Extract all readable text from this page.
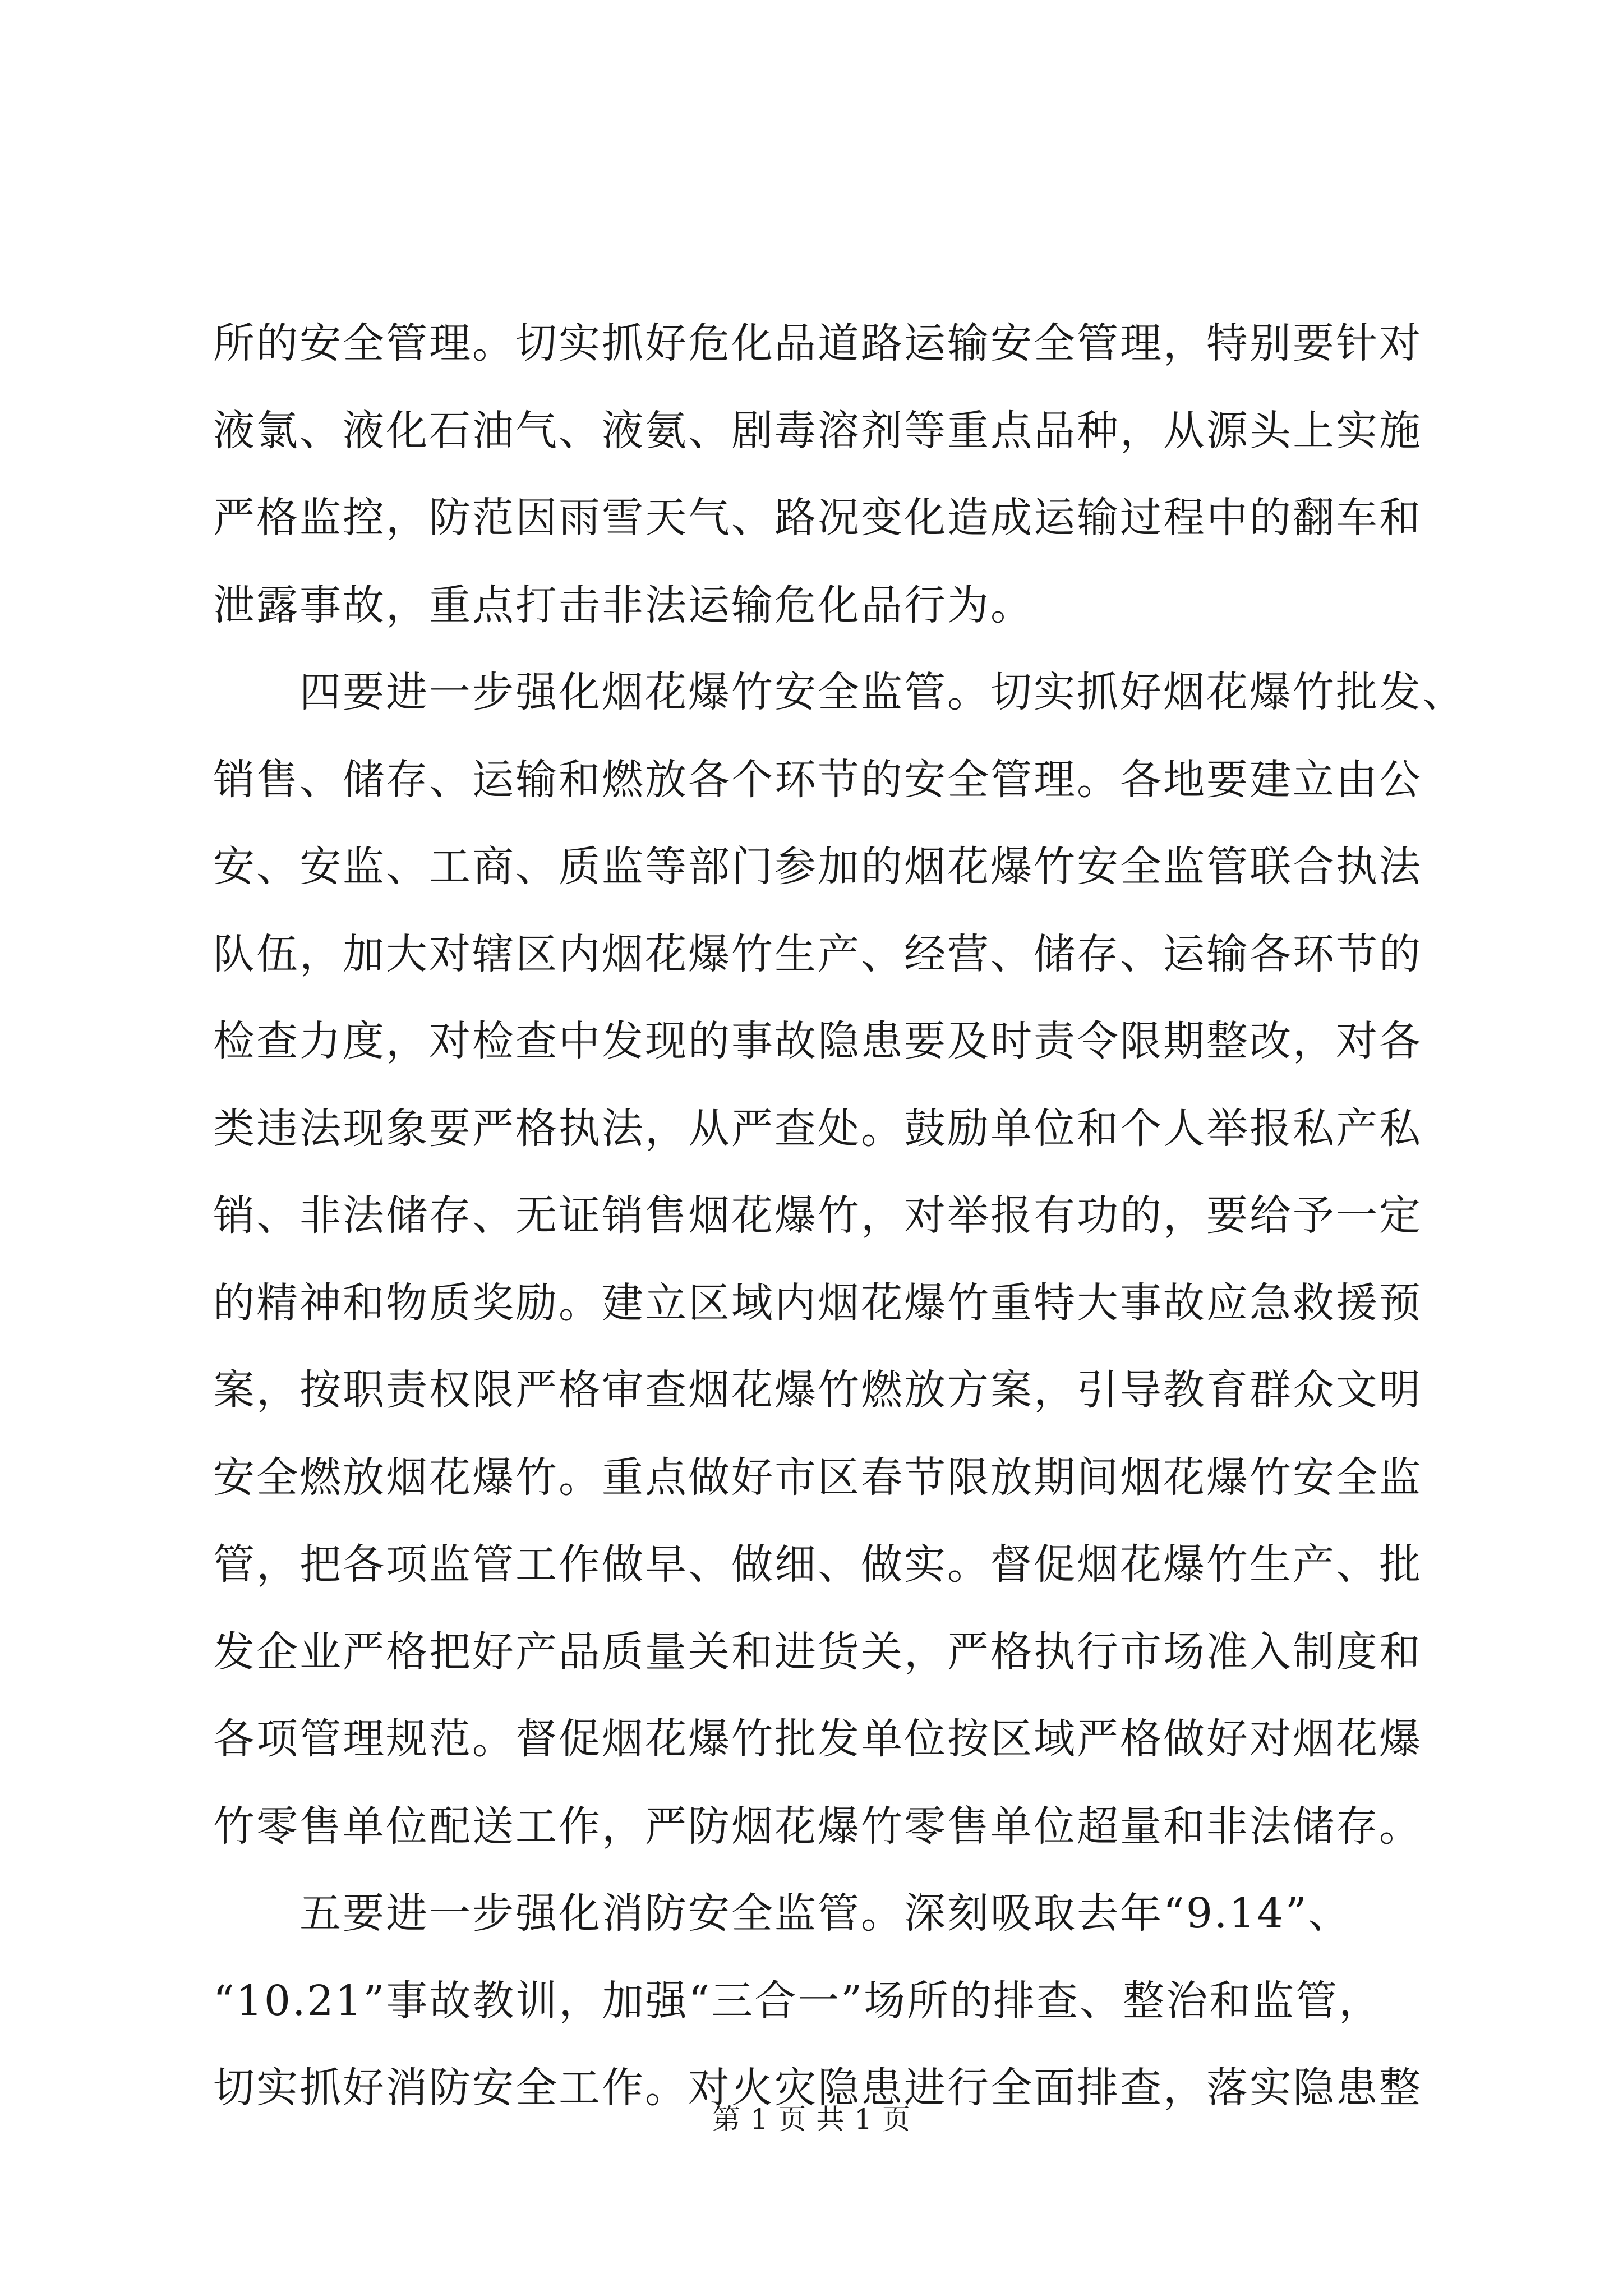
所的安全管理。切实抓好危化品道路运输安全管理，特别要针对
液氯、液化石油气、液氨、剧毒溶剂等重点品种，从源头上实施
严格监控，防范因雨雪天气、路况变化造成运输过程中的翻车和
泄露事故，重点打击非法运输危化品行为。
　　四要进一步强化烟花爆竹安全监管。切实抓好烟花爆竹批发、
销售、储存、运输和燃放各个环节的安全管理。各地要建立由公
安、安监、工商、质监等部门参加的烟花爆竹安全监管联合执法
队伍，加大对辖区内烟花爆竹生产、经营、储存、运输各环节的
检查力度，对检查中发现的事故隐患要及时责令限期整改，对各
类违法现象要严格执法，从严查处。鼓励单位和个人举报私产私
销、非法储存、无证销售烟花爆竹，对举报有功的，要给予一定
的精神和物质奖励。建立区域内烟花爆竹重特大事故应急救援预
案，按职责权限严格审查烟花爆竹燃放方案，引导教育群众文明
安全燃放烟花爆竹。重点做好市区春节限放期间烟花爆竹安全监
管，把各项监管工作做早、做细、做实。督促烟花爆竹生产、批
发企业严格把好产品质量关和进货关，严格执行市场准入制度和
各项管理规范。督促烟花爆竹批发单位按区域严格做好对烟花爆
竹零售单位配送工作，严防烟花爆竹零售单位超量和非法储存。
　　五要进一步强化消防安全监管。深刻吸取去年“9.14”、
“10.21”事故教训，加强“三合一”场所的排查、整治和监管，
切实抓好消防安全工作。对火灾隐患进行全面排查，落实隐患整
第 1 页 共 1 页
